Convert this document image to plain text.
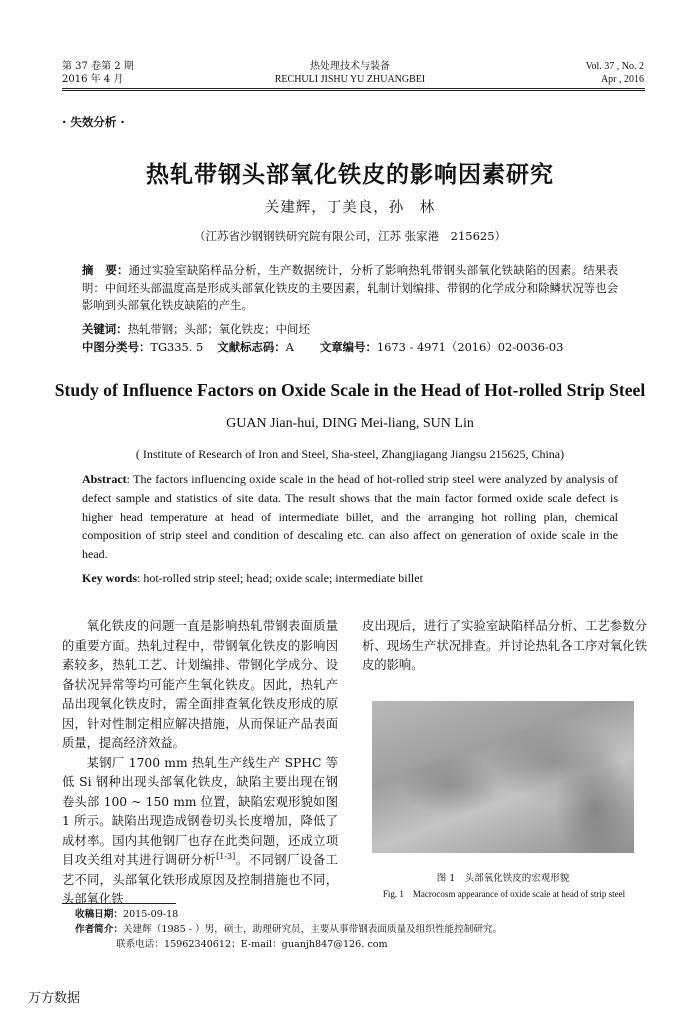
第 37 卷第 2 期
2016 年 4 月
热处理技术与装备
RECHULI JISHU YU ZHUANGBEI
Vol. 37 , No. 2
Apr , 2016
· 失效分析 ·
热轧带钢头部氧化铁皮的影响因素研究
关建辉，丁美良，孙　林
（江苏省沙钢钢铁研究院有限公司，江苏 张家港　215625）
摘　要：通过实验室缺陷样品分析，生产数据统计，分析了影响热轧带钢头部氧化铁缺陷的因素。结果表明：中间坯头部温度高是形成头部氧化铁皮的主要因素，轧制计划编排、带钢的化学成分和除鳞状况等也会影响到头部氧化铁皮缺陷的产生。
关键词：热轧带钢；头部；氧化铁皮；中间坯
中图分类号：TG335. 5 文献标志码：A 文章编号：1673 - 4971（2016）02-0036-03
Study of Influence Factors on Oxide Scale in the Head of Hot-rolled Strip Steel
GUAN Jian-hui, DING Mei-liang, SUN Lin
( Institute of Research of Iron and Steel, Sha-steel, Zhangjiagang Jiangsu 215625, China)
Abstract: The factors influencing oxide scale in the head of hot-rolled strip steel were analyzed by analysis of defect sample and statistics of site data. The result shows that the main factor formed oxide scale defect is higher head temperature at head of intermediate billet, and the arranging hot rolling plan, chemical composition of strip steel and condition of descaling etc. can also affect on generation of oxide scale in the head.
Key words: hot-rolled strip steel; head; oxide scale; intermediate billet

氧化铁皮的问题一直是影响热轧带钢表面质量的重要方面。热轧过程中，带钢氧化铁皮的影响因素较多，热轧工艺、计划编排、带钢化学成分、设备状况异常等均可能产生氧化铁皮。因此，热轧产品出现氧化铁皮时，需全面排查氧化铁皮形成的原因，针对性制定相应解决措施，从而保证产品表面质量，提高经济效益。

某钢厂 1700 mm 热轧生产线生产 SPHC 等低 Si 钢种出现头部氧化铁皮，缺陷主要出现在钢卷头部 100 ~ 150 mm 位置，缺陷宏观形貌如图 1 所示。缺陷出现造成钢卷切头长度增加，降低了成材率。国内其他钢厂也存在此类问题，还成立项目攻关组对其进行调研分析[1-3]。不同钢厂设备工艺不同，头部氧化铁形成原因及控制措施也不同，头部氧化铁

皮出现后，进行了实验室缺陷样品分析、工艺参数分析、现场生产状况排查。并讨论热轧各工序对氧化铁皮的影响。

图 1　头部氧化铁皮的宏观形貌
Fig. 1　Macrocosm appearance of oxide scale at head of strip steel
收稿日期：2015-09-18
作者简介：关建辉（1985 - ）男，硕士，助理研究员，主要从事带钢表面质量及组织性能控制研究。
联系电话：15962340612；E-mail：guanjh847@126. com
万方数据
